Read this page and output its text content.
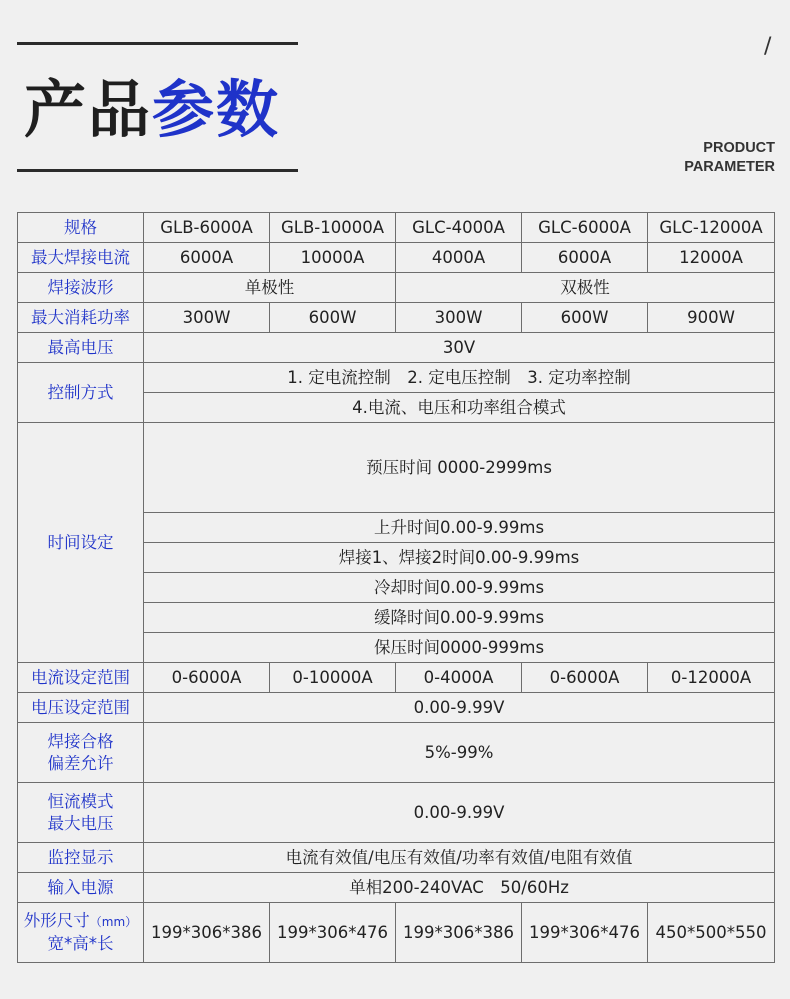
产品参数
/
PRODUCT
PARAMETER
规格	GLB-6000A	GLB-10000A	GLC-4000A	GLC-6000A	GLC-12000A
最大焊接电流	6000A	10000A	4000A	6000A	12000A
焊接波形	单极性		双极性		
最大消耗功率	300W	600W	300W	600W	900W
最高电压	30V				
控制方式	1. 定电流控制　2. 定电压控制　3. 定功率控制				
	4.电流、电压和功率组合模式				
时间设定	预压时间 0000-2999ms				
	上升时间0.00-9.99ms				
	焊接1、焊接2时间0.00-9.99ms				
	冷却时间0.00-9.99ms				
	缓降时间0.00-9.99ms				
	保压时间0000-999ms				
电流设定范围	0-6000A	0-10000A	0-4000A	0-6000A	0-12000A
电压设定范围	0.00-9.99V				

焊接合格
偏差允许	5%-99%				

恒流模式
最大电压	0.00-9.99V				
监控显示	电流有效值/电压有效值/功率有效值/电阻有效值				
输入电源	单相200-240VAC　50/60Hz				

外形尺寸（mm）
宽*高*长	199*306*386	199*306*476	199*306*386	199*306*476	450*500*550
